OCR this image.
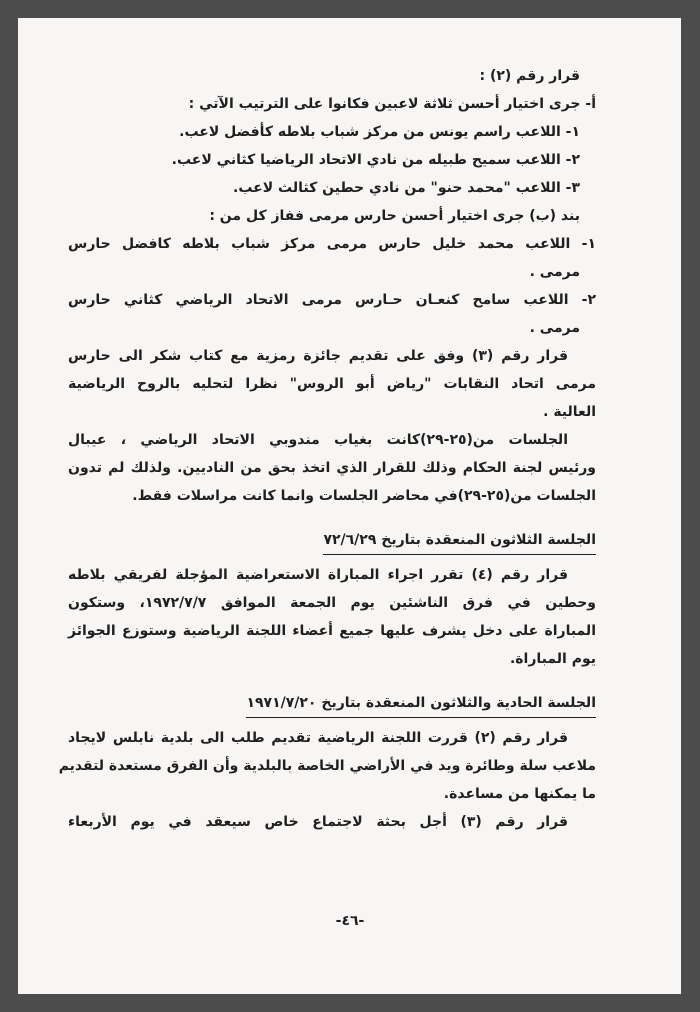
قرار رقم (٢) :
أ- جرى اختيار أحسن ثلاثة لاعبين فكانوا على الترتيب الآتي :
١- اللاعب راسم يونس من مركز شباب بلاطه كأفضل لاعب.
٢- اللاعب سميح طبيله من نادي الاتحاد الرياضيا كثاني لاعب.
٣- اللاعب "محمد حنو" من نادي حطين كثالث لاعب.
بند (ب) جرى اختيار أحسن حارس مرمى ففاز كل من :
١- اللاعب محمد خليل حارس مرمى مركز شباب بلاطه كافضل حارس
مرمى .
٢- اللاعب سامح كنعـان حـارس مرمى الاتحاد الرياضي كثاني حارس
مرمى .
قرار رقم (٣) وفق على تقديم جائزة رمزية مع كتاب شكر الى حارس
مرمى اتحاد النقابات "رياض أبو الروس" نظرا لتحليه بالروح الرياضية
العالية .
الجلسات من(٢٥-٢٩)كانت بغياب مندوبي الاتحاد الرياضي ، عيبال
ورئيس لجنة الحكام وذلك للقرار الذي اتخذ بحق من الناديين. ولذلك لم تدون
الجلسات من(٢٥-٢٩)في محاضر الجلسات وانما كانت مراسلات فقط.
الجلسة الثلاثون المنعقدة بتاريخ ٧٢/٦/٢٩
قرار رقم (٤) تقرر اجراء المباراة الاستعراضية المؤجلة لفريقي بلاطه
وحطين في فرق الناشئين يوم الجمعة الموافق ١٩٧٢/٧/٧، وستكون
المباراة على دخل يشرف عليها جميع أعضاء اللجنة الرياضية وستوزع الجوائز
يوم المباراة.
الجلسة الحادية والثلاثون المنعقدة بتاريخ ١٩٧١/٧/٢٠
قرار رقم (٢) قررت اللجنة الرياضية تقديم طلب الى بلدية نابلس لايجاد
ملاعب سلة وطائرة ويد في الأراضي الخاصة بالبلدية وأن الفرق مستعدة لتقديم
ما يمكنها من مساعدة.
قرار رقم (٣) أجل بحثة لاجتماع خاص سيعقد في يوم الأربعاء
-٤٦-
